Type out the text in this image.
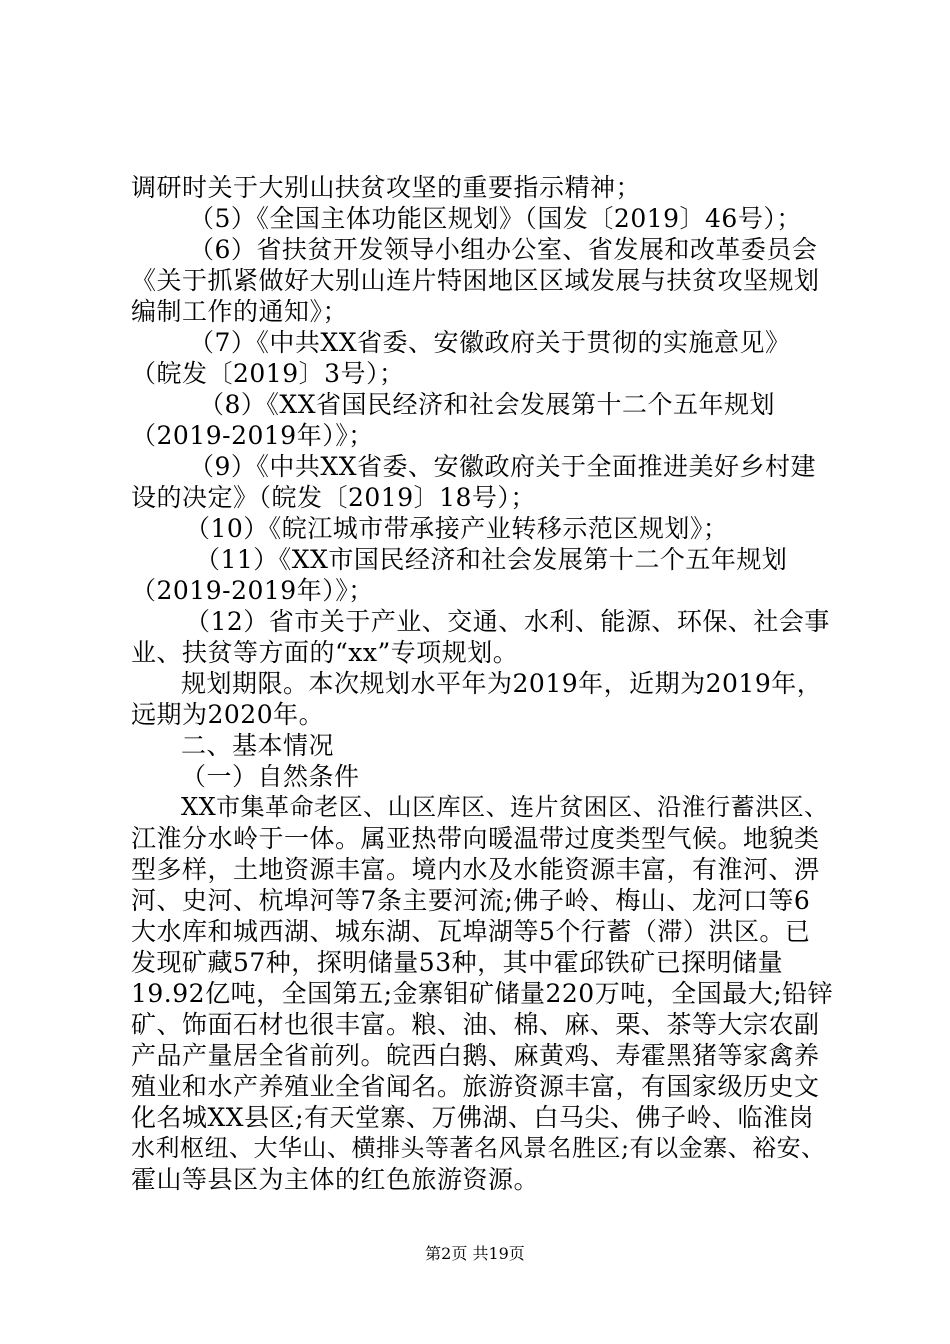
调研时关于大别山扶贫攻坚的重要指示精神；
（5）《全国主体功能区规划》（国发〔2019〕46号）；
（6）省扶贫开发领导小组办公室、省发展和改革委员会
《关于抓紧做好大别山连片特困地区区域发展与扶贫攻坚规划
编制工作的通知》；
（7）《中共XX省委、安徽政府关于贯彻的实施意见》
（皖发〔2019〕3号）；
（8）《XX省国民经济和社会发展第十二个五年规划
（2019-2019年）》；
（9）《中共XX省委、安徽政府关于全面推进美好乡村建
设的决定》（皖发〔2019〕18号）；
（10）《皖江城市带承接产业转移示范区规划》；
（11）《XX市国民经济和社会发展第十二个五年规划
（2019-2019年）》；
（12）省市关于产业、交通、水利、能源、环保、社会事
业、扶贫等方面的“xx”专项规划。
规划期限。本次规划水平年为2019年，近期为2019年，
远期为2020年。
二、基本情况
（一）自然条件
XX市集革命老区、山区库区、连片贫困区、沿淮行蓄洪区、
江淮分水岭于一体。属亚热带向暖温带过度类型气候。地貌类
型多样，土地资源丰富。境内水及水能资源丰富，有淮河、淠
河、史河、杭埠河等7条主要河流;佛子岭、梅山、龙河口等6
大水库和城西湖、城东湖、瓦埠湖等5个行蓄（滞）洪区。已
发现矿藏57种，探明储量53种，其中霍邱铁矿已探明储量
19.92亿吨，全国第五;金寨钼矿储量220万吨，全国最大;铅锌
矿、饰面石材也很丰富。粮、油、棉、麻、栗、茶等大宗农副
产品产量居全省前列。皖西白鹅、麻黄鸡、寿霍黑猪等家禽养
殖业和水产养殖业全省闻名。旅游资源丰富，有国家级历史文
化名城XX县区;有天堂寨、万佛湖、白马尖、佛子岭、临淮岗
水利枢纽、大华山、横排头等著名风景名胜区;有以金寨、裕安、
霍山等县区为主体的红色旅游资源。
第2页 共19页
